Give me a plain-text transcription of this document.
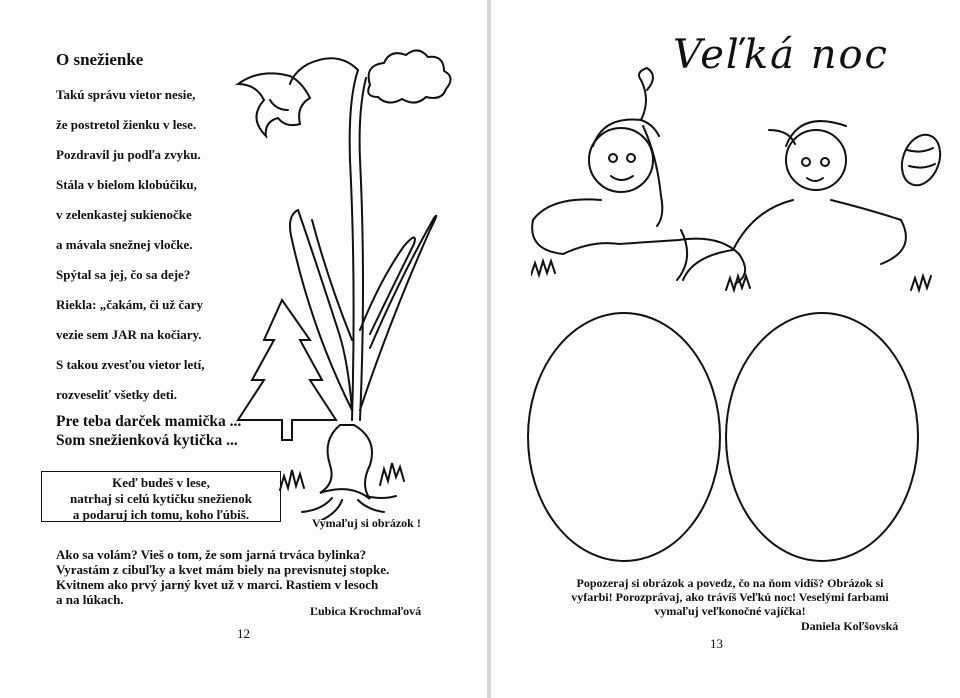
O snežienke
Takú správu vietor nesie,
že postretol žienku v lese.
Pozdravil ju podľa zvyku.
Stála v bielom klobúčiku,
v zelenkastej sukienočke
a mávala snežnej vločke.
Spýtal sa jej, čo sa deje?
Riekla: „čakám, či už čary
vezie sem JAR na kočiary.
S takou zvesťou vietor letí,
rozveseliť všetky deti.
Pre teba darček mamička ...
Som snežienková kytička ...
Keď budeš v lese,
natrhaj si celú kytičku snežienok
a podaruj ich tomu, koho ľúbiš.
Vymaľuj si obrázok !
Ako sa volám? Vieš o tom, že som jarná trváca bylinka?
Vyrastám z cibuľky a kvet mám biely na previsnutej stopke.
Kvitnem ako prvý jarný kvet už v marci. Rastiem v lesoch
a na lúkach.
Ľubica Krochmaľová
12
Veľká noc
Popozeraj si obrázok a povedz, čo na ňom vidíš? Obrázok si
vyfarbi! Porozprávaj, ako trávíš Veľkú noc! Veselými farbami
vymaľuj veľkonočné vajíčka!
Daniela Koľšovská
13
